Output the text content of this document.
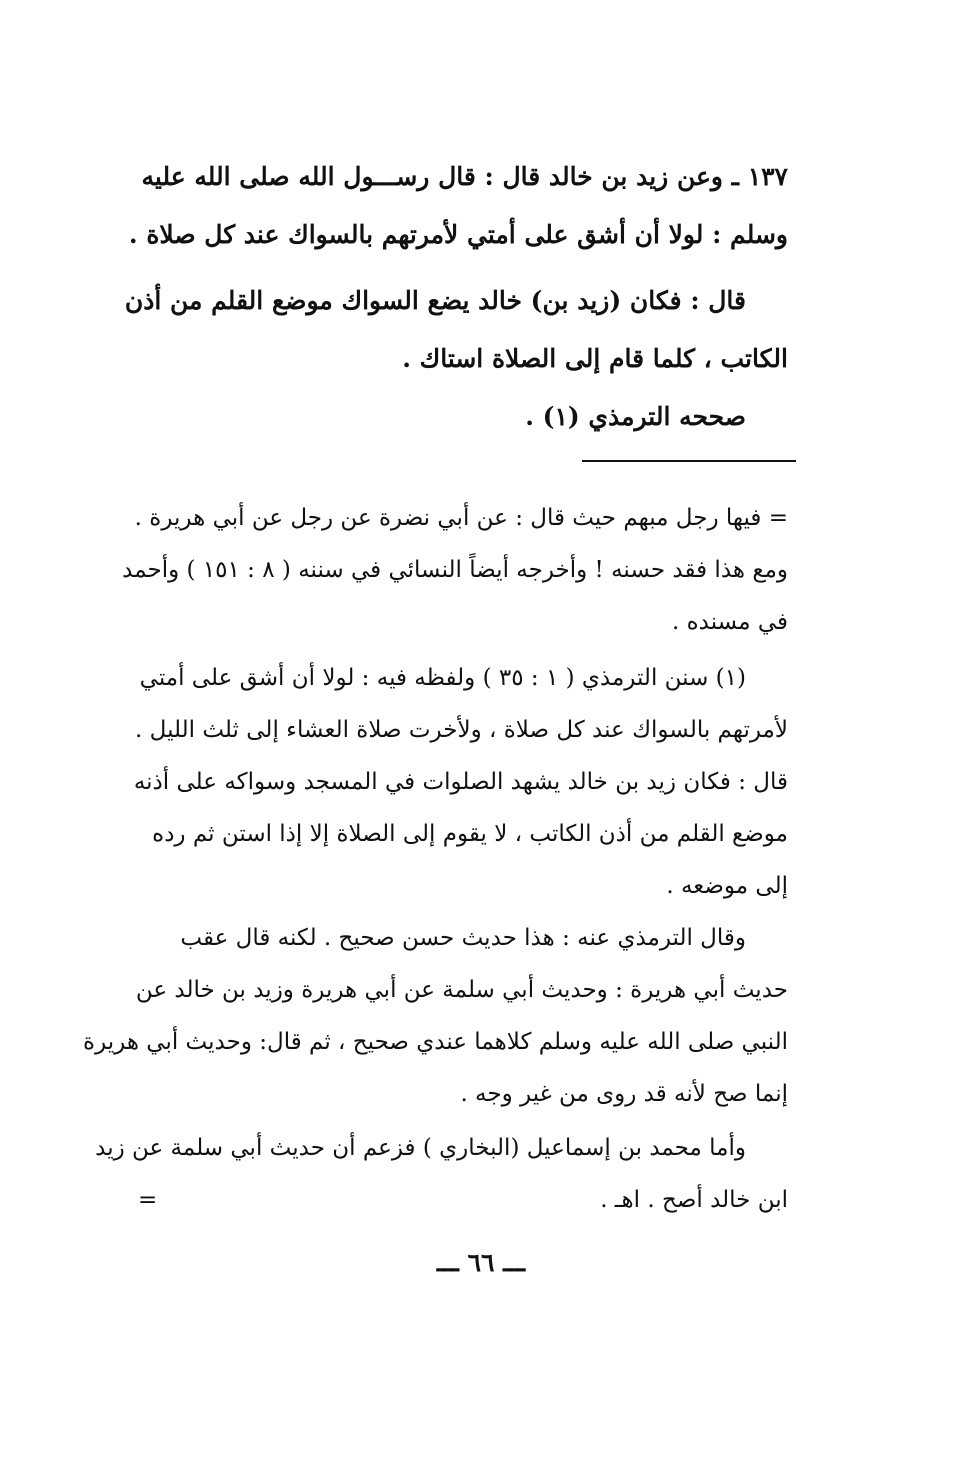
١٣٧ ـ وعن زيد بن خالد قال : قال رســـول الله صلى الله عليه
وسلم : لولا أن أشق على أمتي لأمرتهم بالسواك عند كل صلاة .
قال : فكان (زيد بن) خالد يضع السواك موضع القلم من أذن
الكاتب ، كلما قام إلى الصلاة استاك .
صححه الترمذي (١) .
= فيها رجل مبهم حيث قال : عن أبي نضرة عن رجل عن أبي هريرة .
ومع هذا فقد حسنه ! وأخرجه أيضاً النسائي في سننه ( ٨ : ١٥١ ) وأحمد
في مسنده .
(١) سنن الترمذي ( ١ : ٣٥ ) ولفظه فيه : لولا أن أشق على أمتي
لأمرتهم بالسواك عند كل صلاة ، ولأخرت صلاة العشاء إلى ثلث الليل .
قال : فكان زيد بن خالد يشهد الصلوات في المسجد وسواكه على أذنه
موضع القلم من أذن الكاتب ، لا يقوم إلى الصلاة إلا إذا استن ثم رده
إلى موضعه .
وقال الترمذي عنه : هذا حديث حسن صحيح . لكنه قال عقب
حديث أبي هريرة : وحديث أبي سلمة عن أبي هريرة وزيد بن خالد عن
النبي صلى الله عليه وسلم كلاهما عندي صحيح ، ثم قال: وحديث أبي هريرة
إنما صح لأنه قد روى من غير وجه .
وأما محمد بن إسماعيل (البخاري ) فزعم أن حديث أبي سلمة عن زيد
ابن خالد أصح . اهـ .
=
ـــ ٦٦ ـــ
